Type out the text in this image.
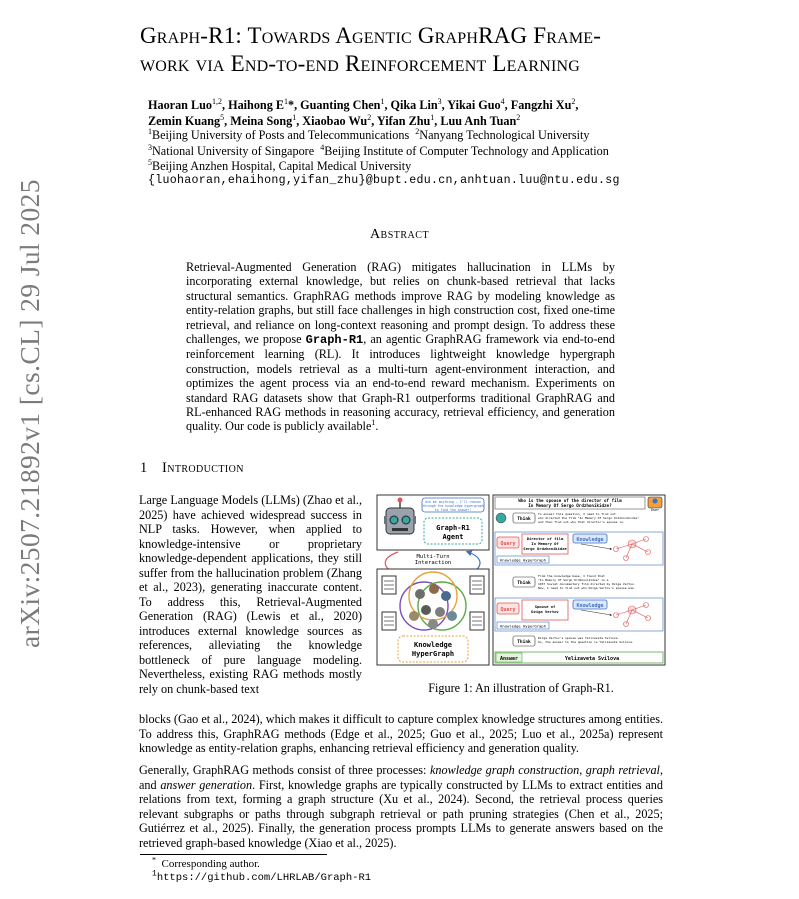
arXiv:2507.21892v1 [cs.CL] 29 Jul 2025
Graph-R1: Towards Agentic GraphRAG Frame-
work via End-to-end Reinforcement Learning
Haoran Luo$^{1,2}$, Haihong $E^1*$, Guanting Chen$^1$, Qika Lin$^3$, Yikai Guo$^4$, Fangzhi Xu$^2$,
Zemin Kuang$^5$, Meina Song$^1$, Xiaobao Wu$^2$, Yifan Zhu$^1$, Luu Anh Tuan$^2$
$^1$Beijing University of Posts and Telecommunications  $^2$Nanyang Technological University
$^3$National University of Singapore  $^4$Beijing Institute of Computer Technology and Application
$^5$Beijing Anzhen Hospital, Capital Medical University
{luohaoran,ehaihong,yifan_zhu}@bupt.edu.cn,anhtuan.luu@ntu.edu.sg
Abstract
Retrieval-Augmented Generation (RAG) mitigates hallucination in LLMs by incorporating external knowledge, but relies on chunk-based retrieval that lacks structural semantics. GraphRAG methods improve RAG by modeling knowledge as entity-relation graphs, but still face challenges in high construction cost, fixed one-time retrieval, and reliance on long-context reasoning and prompt design. To address these challenges, we propose Graph-R1, an agentic GraphRAG framework via end-to-end reinforcement learning (RL). It introduces lightweight knowledge hypergraph construction, models retrieval as a multi-turn agent-environment interaction, and optimizes the agent process via an end-to-end reward mechanism. Experiments on standard RAG datasets show that Graph-R1 outperforms traditional GraphRAG and RL-enhanced RAG methods in reasoning accuracy, retrieval efficiency, and generation quality. Our code is publicly available$^1$.
1 Introduction
Large Language Models (LLMs) (Zhao et al., 2025) have achieved widespread success in NLP tasks. However, when applied to knowledge-intensive or proprietary knowledge-dependent applications, they still suffer from the hallucination problem (Zhang et al., 2023), generating inaccurate content. To address this, Retrieval-Augmented Generation (RAG) (Lewis et al., 2020) introduces external knowledge sources as references, alleviating the knowledge bottleneck of pure language modeling. Nevertheless, existing RAG methods mostly rely on chunk-based text
blocks (Gao et al., 2024), which makes it difficult to capture complex knowledge structures among entities. To address this, GraphRAG methods (Edge et al., 2025; Guo et al., 2025; Luo et al., 2025a) represent knowledge as entity-relation graphs, enhancing retrieval efficiency and generation quality.
Generally, GraphRAG methods consist of three processes: knowledge graph construction, graph retrieval, and answer generation. First, knowledge graphs are typically constructed by LLMs to extract entities and relations from text, forming a graph structure (Xu et al., 2024). Second, the retrieval process queries relevant subgraphs or paths through subgraph retrieval or path pruning strategies (Chen et al., 2025; Gutiérrez et al., 2025). Finally, the generation process prompts LLMs to generate answers based on the retrieved graph-based knowledge (Xiao et al., 2025).
Ask me anything — I'll reason
through the knowledge hypergraph
to find the answer!
Graph-R1
Agent
Multi-Turn
Interaction
Knowledge
HyperGraph
Who is the spouse of the director of film
In Memory Of Sergo Ordzhonikidze?
User
Think
To answer this question, I need to find out
who directed the film "In Memory Of Sergo Ordzhonikidze"
and then find out who that director's spouse is.
Query
Director of film
In Memory Of
Sergo Ordzhonikidze
Knowledge
Knowledge HyperGraph
Think
From the knowledge base, I found that
"In Memory Of Sergo Ordzhonikidze" is a
1937 Soviet documentary film directed by Dziga Vertov.
Now, I need to find out who Dziga Vertov's spouse was.
Query
Spouse of
Dziga Vertov
Knowledge
Knowledge HyperGraph
Think
Dziga Vertov's spouse was Yelizaveta Svilova.
So, the answer to the question is Yelizaveta Svilova.
Answer	Yelizaveta Svilova
Figure 1: An illustration of Graph-R1.
* Corresponding author.
$^1$https://github.com/LHRLAB/Graph-R1
